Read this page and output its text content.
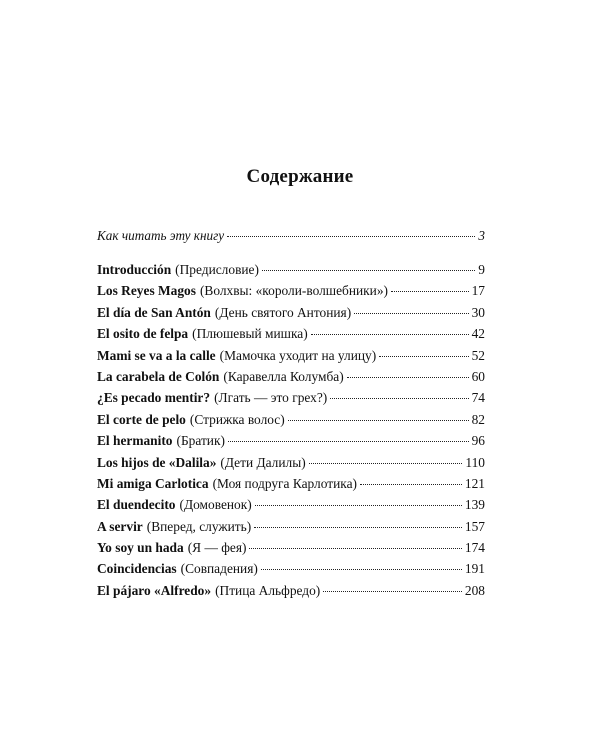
Содержание
Как читать эту книгу	3
Introducción (Предисловие)	9
Los Reyes Magos (Волхвы: «короли-волшебники»)	17
El día de San Antón (День святого Антония)	30
El osito de felpa (Плюшевый мишка)	42
Mami se va a la calle (Мамочка уходит на улицу)	52
La carabela de Colón (Каравелла Колумба)	60
¿Es pecado mentir? (Лгать — это грех?)	74
El corte de pelo (Стрижка волос)	82
El hermanito (Братик)	96
Los hijos de «Dalila» (Дети Далилы)	110
Mi amiga Carlotica (Моя подруга Карлотика)	121
El duendecito (Домовенок)	139
A servir (Вперед, служить)	157
Yo soy un hada (Я — фея)	174
Coincidencias (Совпадения)	191
El pájaro «Alfredo» (Птица Альфредо)	208
